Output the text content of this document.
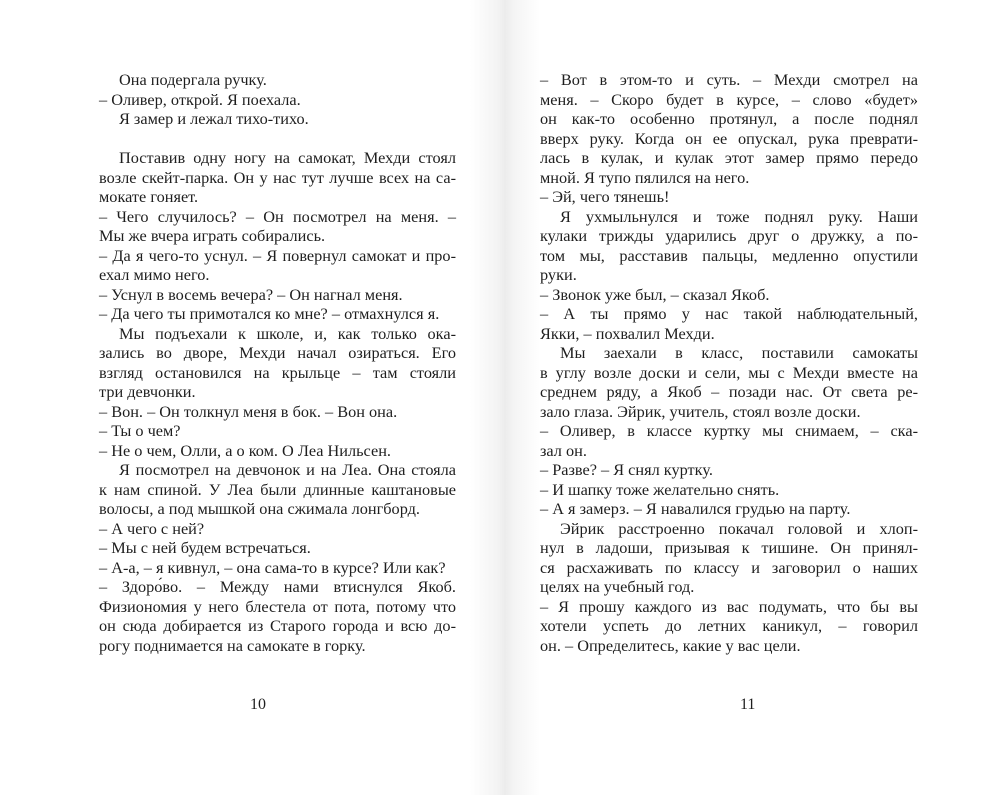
Она подергала ручку.
– Оливер, открой. Я поехала.
Я замер и лежал тихо-тихо.
Поставив одну ногу на самокат, Мехди стоял
возле скейт-парка. Он у нас тут лучше всех на са-
мокате гоняет.
– Чего случилось? – Он посмотрел на меня. –
Мы же вчера играть собирались.
– Да я чего-то уснул. – Я повернул самокат и про-
ехал мимо него.
– Уснул в восемь вечера? – Он нагнал меня.
– Да чего ты примотался ко мне? – отмахнулся я.
Мы подъехали к школе, и, как только ока-
зались во дворе, Мехди начал озираться. Его
взгляд остановился на крыльце – там стояли
три девчонки.
– Вон. – Он толкнул меня в бок. – Вон она.
– Ты о чем?
– Не о чем, Олли, а о ком. О Леа Нильсен.
Я посмотрел на девчонок и на Леа. Она стояла
к нам спиной. У Леа были длинные каштановые
волосы, а под мышкой она сжимала лонгборд.
– А чего с ней?
– Мы с ней будем встречаться.
– А-а, – я кивнул, – она сама-то в курсе? Или как?
– Здоро́во. – Между нами втиснулся Якоб.
Физиономия у него блестела от пота, потому что
он сюда добирается из Старого города и всю до-
рогу поднимается на самокате в горку.
– Вот в этом-то и суть. – Мехди смотрел на
меня. – Скоро будет в курсе, – слово «будет»
он как-то особенно протянул, а после поднял
вверх руку. Когда он ее опускал, рука преврати-
лась в кулак, и кулак этот замер прямо передо
мной. Я тупо пялился на него.
– Эй, чего тянешь!
Я ухмыльнулся и тоже поднял руку. Наши
кулаки трижды ударились друг о дружку, а по-
том мы, расставив пальцы, медленно опустили
руки.
– Звонок уже был, – сказал Якоб.
– А ты прямо у нас такой наблюдательный,
Якки, – похвалил Мехди.
Мы заехали в класс, поставили самокаты
в углу возле доски и сели, мы с Мехди вместе на
среднем ряду, а Якоб – позади нас. От света ре-
зало глаза. Эйрик, учитель, стоял возле доски.
– Оливер, в классе куртку мы снимаем, – ска-
зал он.
– Разве? – Я снял куртку.
– И шапку тоже желательно снять.
– А я замерз. – Я навалился грудью на парту.
Эйрик расстроенно покачал головой и хлоп-
нул в ладоши, призывая к тишине. Он принял-
ся расхаживать по классу и заговорил о наших
целях на учебный год.
– Я прошу каждого из вас подумать, что бы вы
хотели успеть до летних каникул, – говорил
он. – Определитесь, какие у вас цели.
10	11
